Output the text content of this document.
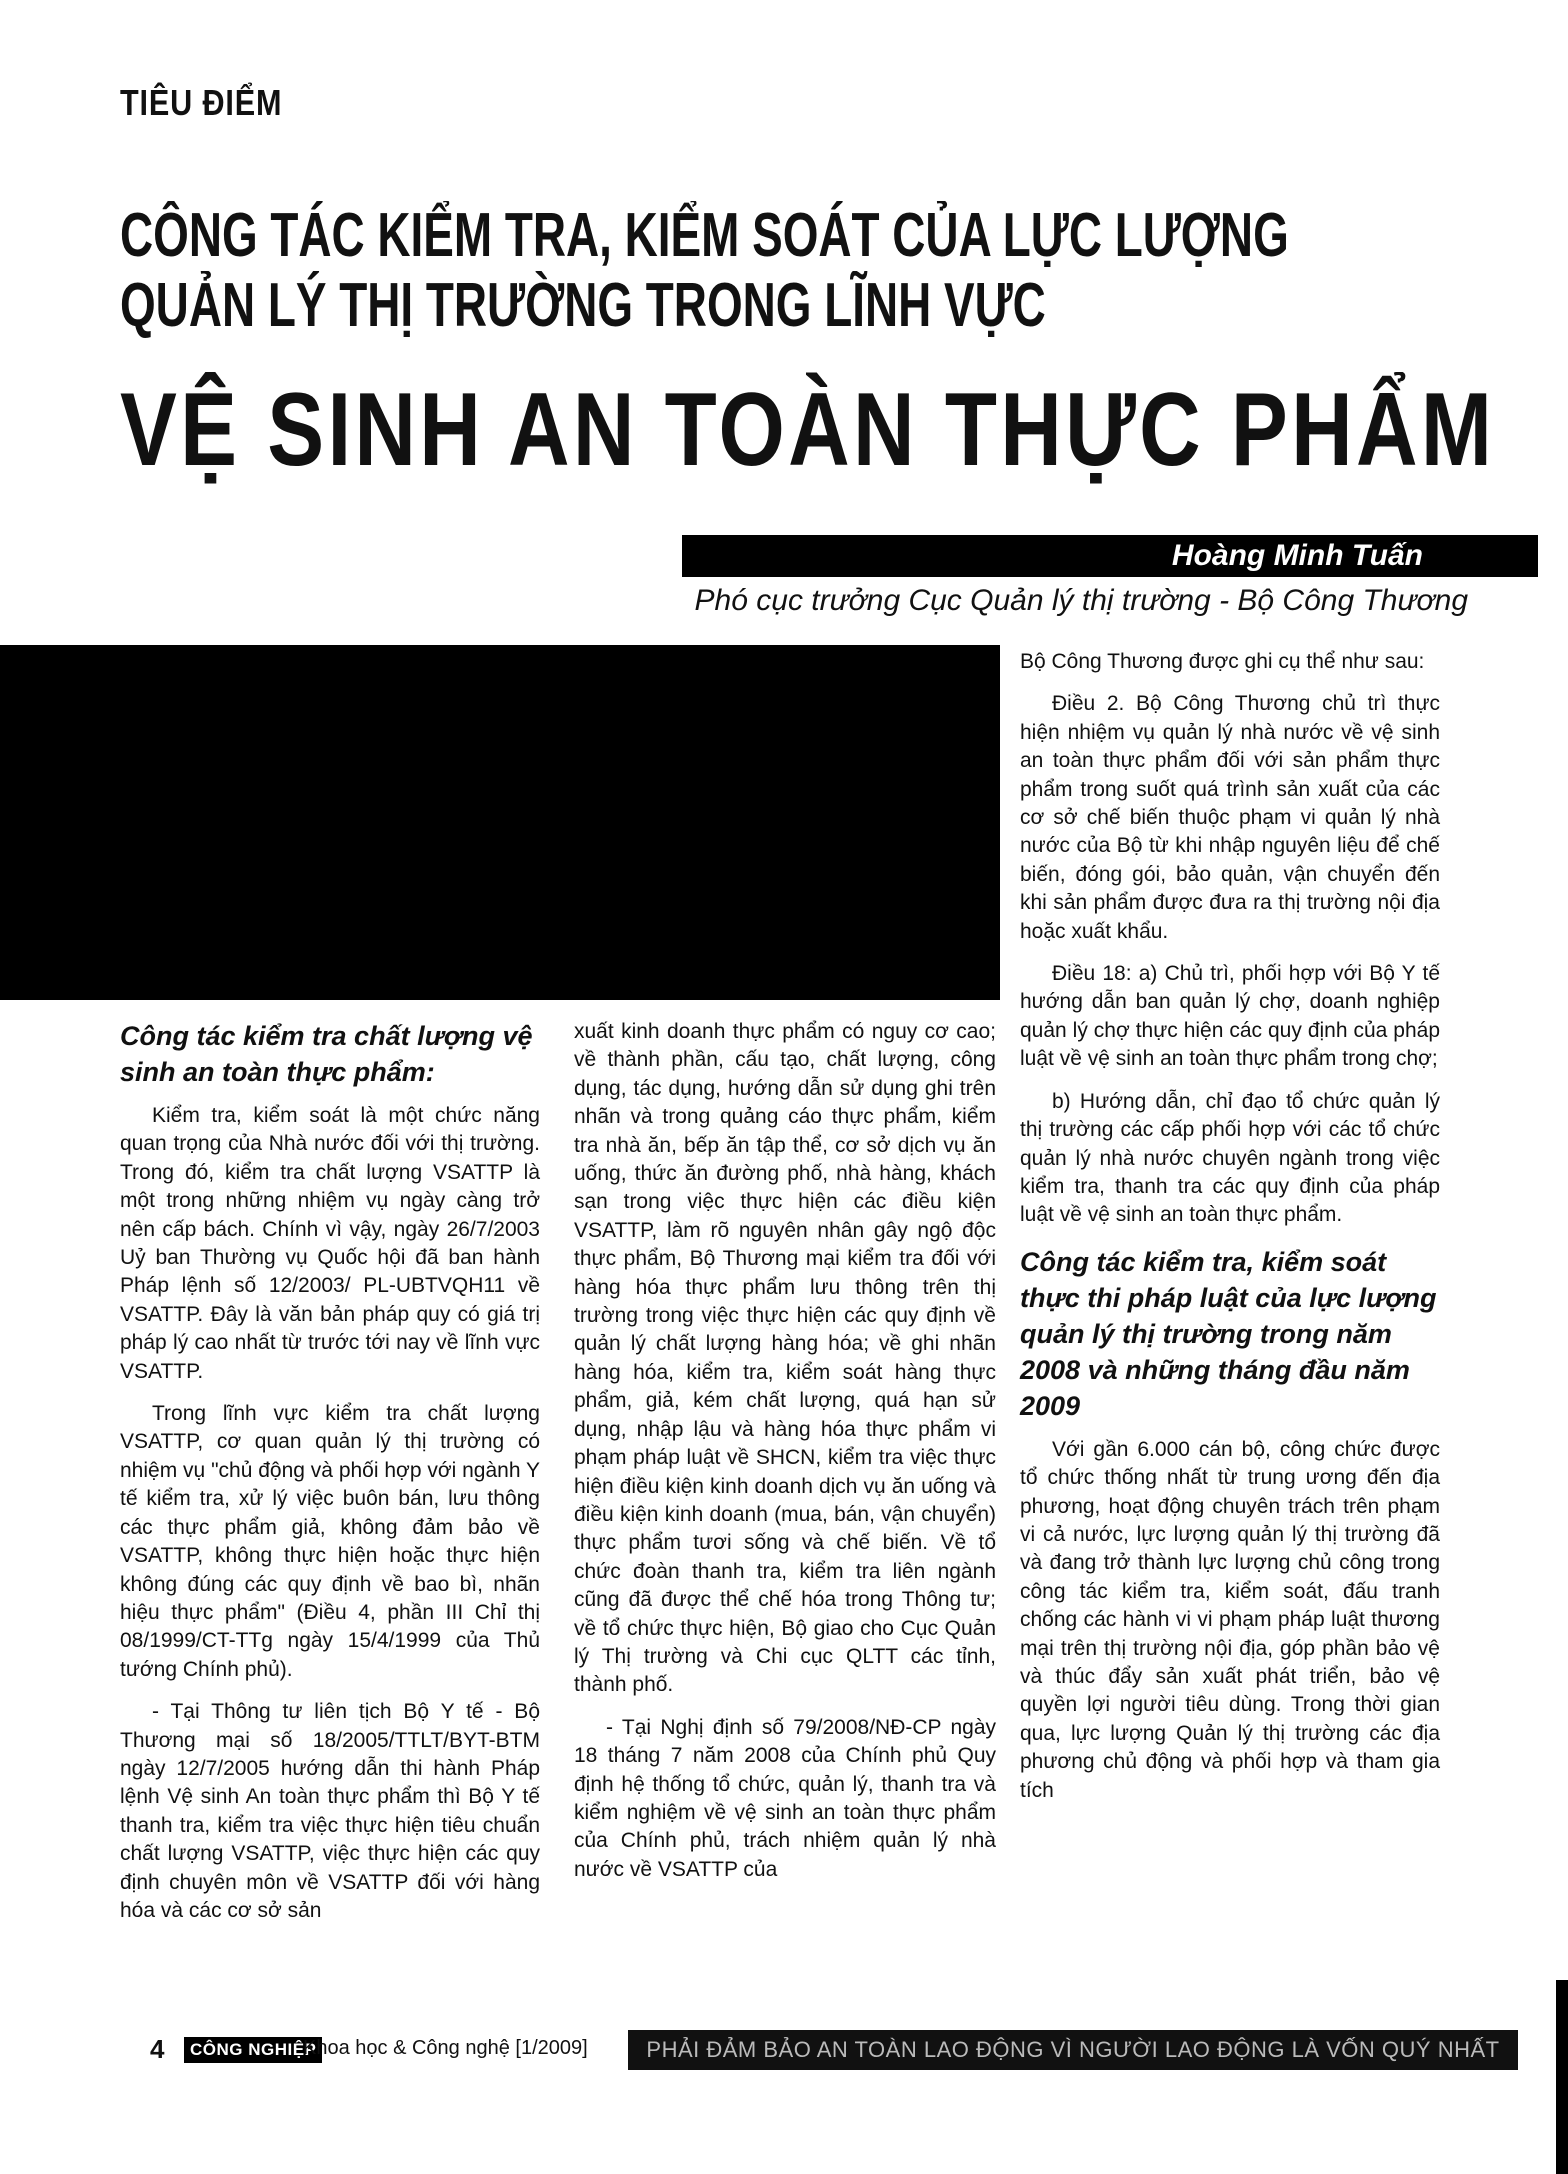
TIÊU ĐIỂM
CÔNG TÁC KIỂM TRA, KIỂM SOÁT CỦA LỰC LƯỢNG
QUẢN LÝ THỊ TRƯỜNG TRONG LĨNH VỰC
VỆ SINH AN TOÀN THỰC PHẨM
Hoàng Minh Tuấn
Phó cục trưởng Cục Quản lý thị trường - Bộ Công Thương
Công tác kiểm tra chất lượng vệ sinh an toàn thực phẩm:

Kiểm tra, kiểm soát là một chức năng quan trọng của Nhà nước đối với thị trường. Trong đó, kiểm tra chất lượng VSATTP là một trong những nhiệm vụ ngày càng trở nên cấp bách. Chính vì vậy, ngày 26/7/2003 Uỷ ban Thường vụ Quốc hội đã ban hành Pháp lệnh số 12/2003/ PL-UBTVQH11 về VSATTP. Đây là văn bản pháp quy có giá trị pháp lý cao nhất từ trước tới nay về lĩnh vực VSATTP.

Trong lĩnh vực kiểm tra chất lượng VSATTP, cơ quan quản lý thị trường có nhiệm vụ "chủ động và phối hợp với ngành Y tế kiểm tra, xử lý việc buôn bán, lưu thông các thực phẩm giả, không đảm bảo về VSATTP, không thực hiện hoặc thực hiện không đúng các quy định về bao bì, nhãn hiệu thực phẩm" (Điều 4, phần III Chỉ thị 08/1999/CT-TTg ngày 15/4/1999 của Thủ tướng Chính phủ).

- Tại Thông tư liên tịch Bộ Y tế - Bộ Thương mại số 18/2005/TTLT/BYT-BTM ngày 12/7/2005 hướng dẫn thi hành Pháp lệnh Vệ sinh An toàn thực phẩm thì Bộ Y tế thanh tra, kiểm tra việc thực hiện tiêu chuẩn chất lượng VSATTP, việc thực hiện các quy định chuyên môn về VSATTP đối với hàng hóa và các cơ sở sản

xuất kinh doanh thực phẩm có nguy cơ cao; về thành phần, cấu tạo, chất lượng, công dụng, tác dụng, hướng dẫn sử dụng ghi trên nhãn và trong quảng cáo thực phẩm, kiểm tra nhà ăn, bếp ăn tập thể, cơ sở dịch vụ ăn uống, thức ăn đường phố, nhà hàng, khách sạn trong việc thực hiện các điều kiện VSATTP, làm rõ nguyên nhân gây ngộ độc thực phẩm, Bộ Thương mại kiểm tra đối với hàng hóa thực phẩm lưu thông trên thị trường trong việc thực hiện các quy định về quản lý chất lượng hàng hóa; về ghi nhãn hàng hóa, kiểm tra, kiểm soát hàng thực phẩm, giả, kém chất lượng, quá hạn sử dụng, nhập lậu và hàng hóa thực phẩm vi phạm pháp luật về SHCN, kiểm tra việc thực hiện điều kiện kinh doanh dịch vụ ăn uống và điều kiện kinh doanh (mua, bán, vận chuyển) thực phẩm tươi sống và chế biến. Về tổ chức đoàn thanh tra, kiểm tra liên ngành cũng đã được thể chế hóa trong Thông tư; về tổ chức thực hiện, Bộ giao cho Cục Quản lý Thị trường và Chi cục QLTT các tỉnh, thành phố.

- Tại Nghị định số 79/2008/NĐ-CP ngày 18 tháng 7 năm 2008 của Chính phủ Quy định hệ thống tổ chức, quản lý, thanh tra và kiểm nghiệm về vệ sinh an toàn thực phẩm của Chính phủ, trách nhiệm quản lý nhà nước về VSATTP của

Bộ Công Thương được ghi cụ thể như sau:

Điều 2. Bộ Công Thương chủ trì thực hiện nhiệm vụ quản lý nhà nước về vệ sinh an toàn thực phẩm đối với sản phẩm thực phẩm trong suốt quá trình sản xuất của các cơ sở chế biến thuộc phạm vi quản lý nhà nước của Bộ từ khi nhập nguyên liệu để chế biến, đóng gói, bảo quản, vận chuyển đến khi sản phẩm được đưa ra thị trường nội địa hoặc xuất khẩu.

Điều 18: a) Chủ trì, phối hợp với Bộ Y tế hướng dẫn ban quản lý chợ, doanh nghiệp quản lý chợ thực hiện các quy định của pháp luật về vệ sinh an toàn thực phẩm trong chợ;

b) Hướng dẫn, chỉ đạo tổ chức quản lý thị trường các cấp phối hợp với các tổ chức quản lý nhà nước chuyên ngành trong việc kiểm tra, thanh tra các quy định của pháp luật về vệ sinh an toàn thực phẩm.

Công tác kiểm tra, kiểm soát thực thi pháp luật của lực lượng quản lý thị trường trong năm 2008 và những tháng đầu năm 2009

Với gần 6.000 cán bộ, công chức được tổ chức thống nhất từ trung ương đến địa phương, hoạt động chuyên trách trên phạm vi cả nước, lực lượng quản lý thị trường đã và đang trở thành lực lượng chủ công trong công tác kiểm tra, kiểm soát, đấu tranh chống các hành vi vi phạm pháp luật thương mại trên thị trường nội địa, góp phần bảo vệ và thúc đẩy sản xuất phát triển, bảo vệ quyền lợi người tiêu dùng. Trong thời gian qua, lực lượng Quản lý thị trường các địa phương chủ động và phối hợp và tham gia tích

4	CÔNG NGHIỆP
Khoa học & Công nghệ [1/2009]	PHẢI ĐẢM BẢO AN TOÀN LAO ĐỘNG VÌ NGƯỜI LAO ĐỘNG LÀ VỐN QUÝ NHẤT
